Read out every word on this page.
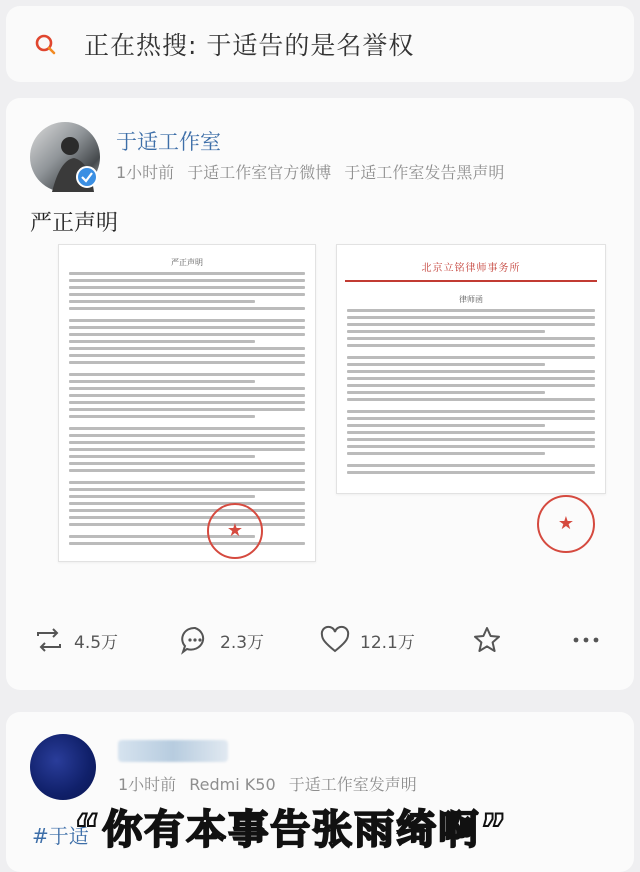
正在热搜: 于适告的是名誉权
于适工作室
1小时前 于适工作室官方微博 于适工作室发告黑声明
严正声明
严正声明
★
北京立铭律师事务所
律师函
★
4.5万	2.3万	12.1万
1小时前 Redmi K50 于适工作室发声明
#于适
“你有本事告张雨绮啊”
